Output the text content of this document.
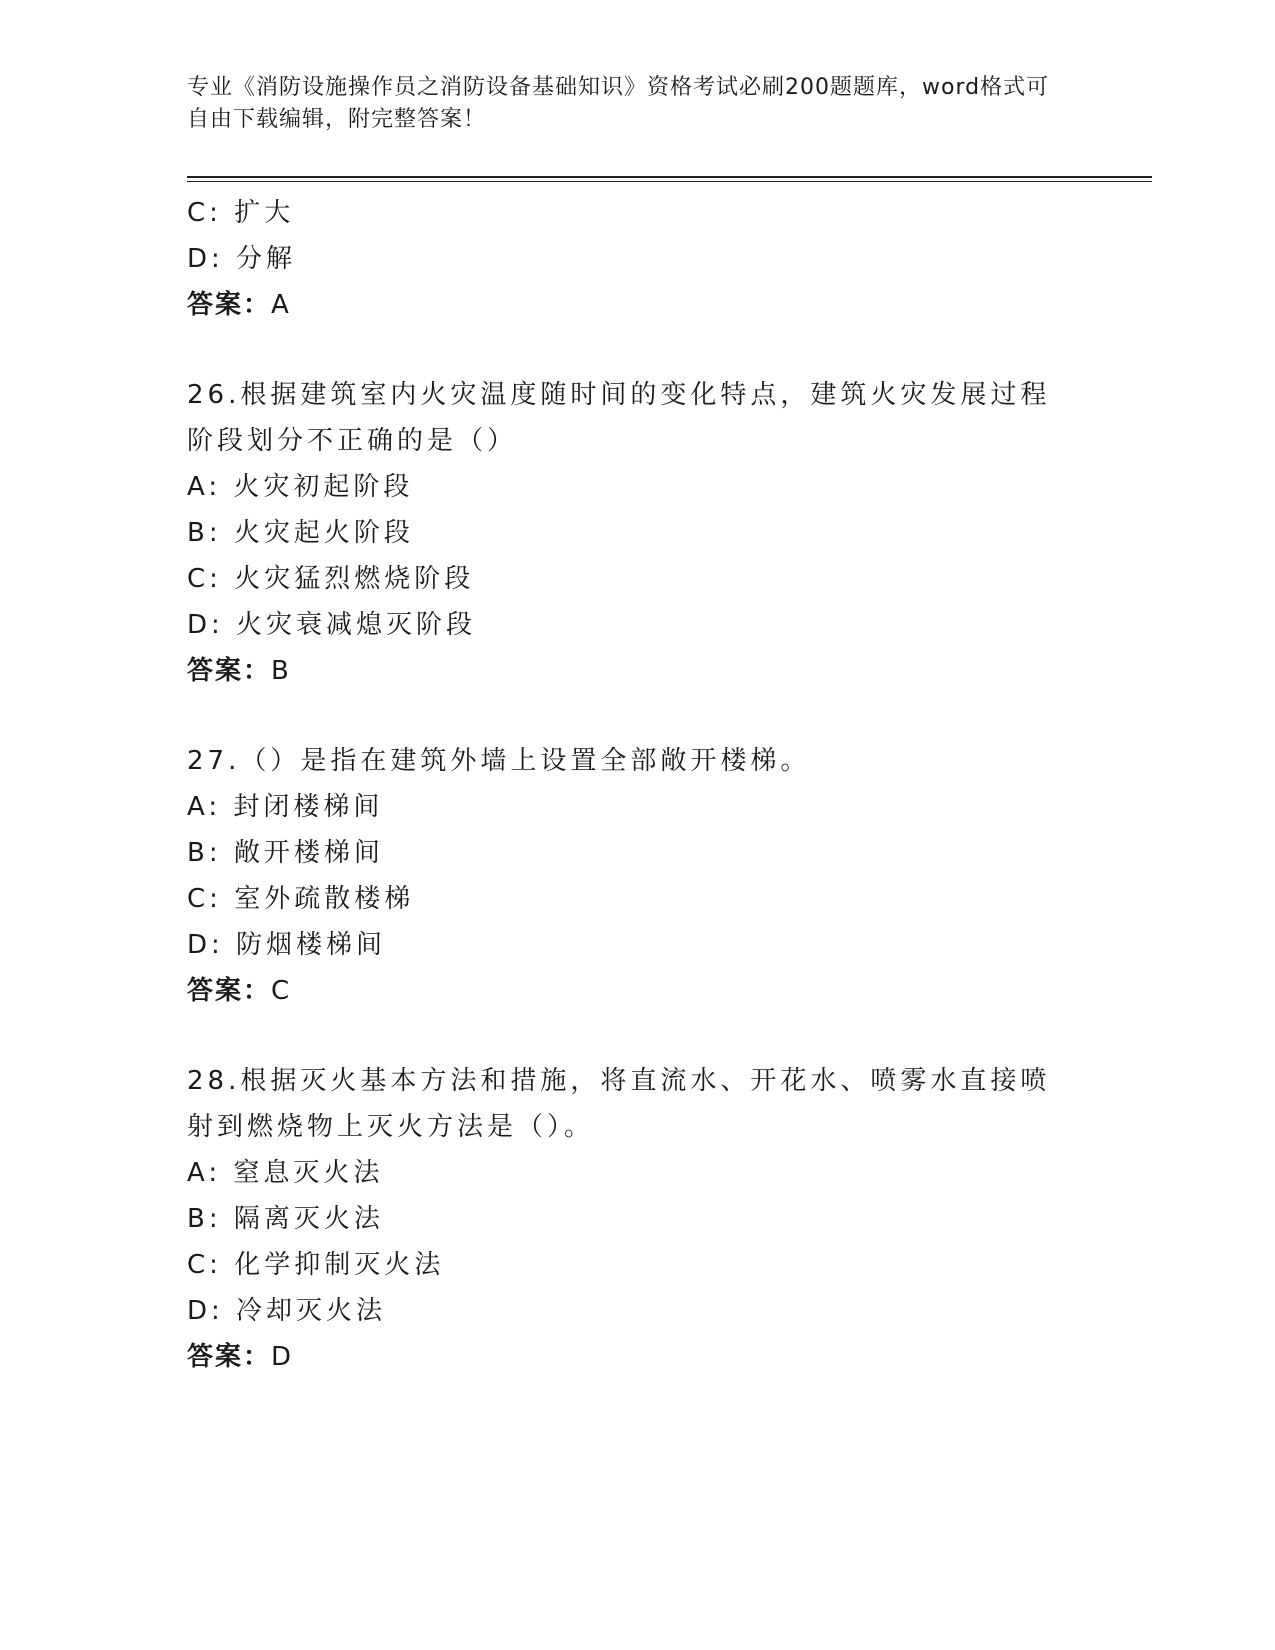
专业《消防设施操作员之消防设备基础知识》资格考试必刷200题题库，word格式可自由下载编辑，附完整答案！
C: 扩大
D: 分解
答案：A
26.根据建筑室内火灾温度随时间的变化特点，建筑火灾发展过程阶段划分不正确的是（）
A: 火灾初起阶段
B: 火灾起火阶段
C: 火灾猛烈燃烧阶段
D: 火灾衰减熄灭阶段
答案：B
27.（）是指在建筑外墙上设置全部敞开楼梯。
A: 封闭楼梯间
B: 敞开楼梯间
C: 室外疏散楼梯
D: 防烟楼梯间
答案：C
28.根据灭火基本方法和措施，将直流水、开花水、喷雾水直接喷射到燃烧物上灭火方法是（）。
A: 窒息灭火法
B: 隔离灭火法
C: 化学抑制灭火法
D: 冷却灭火法
答案：D
